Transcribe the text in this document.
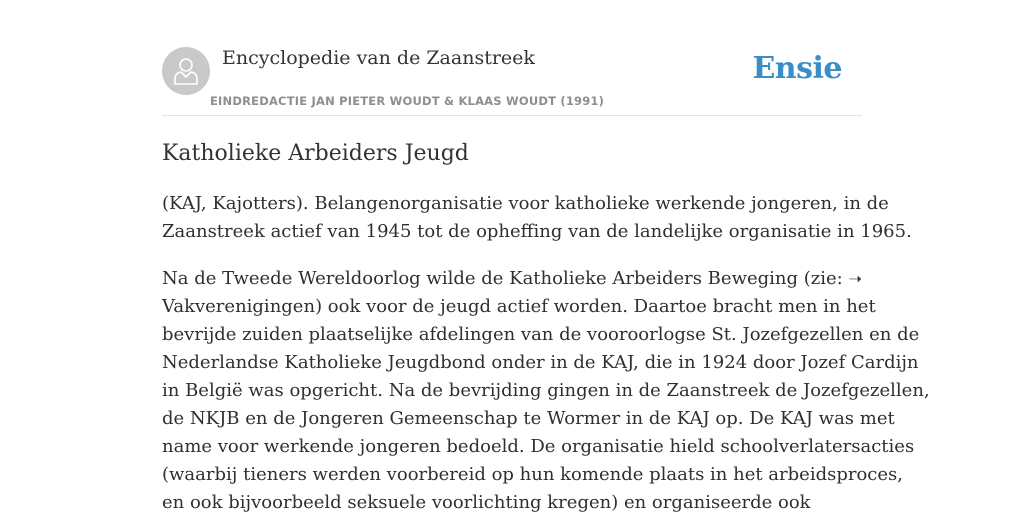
Encyclopedie van de Zaanstreek
EINDREDACTIE JAN PIETER WOUDT & KLAAS WOUDT (1991)
Ensie
Katholieke Arbeiders Jeugd

(KAJ, Kajotters). Belangenorganisatie voor katholieke werkende jongeren, in de
Zaanstreek actief van 1945 tot de opheffing van de landelijke organisatie in 1965.

Na de Tweede Wereldoorlog wilde de Katholieke Arbeiders Beweging (zie: ➝
Vakverenigingen) ook voor de jeugd actief worden. Daartoe bracht men in het
bevrijde zuiden plaatselijke afdelingen van de vooroorlogse St. Jozefgezellen en de
Nederlandse Katholieke Jeugdbond onder in de KAJ, die in 1924 door Jozef Cardijn
in België was opgericht. Na de bevrijding gingen in de Zaanstreek de Jozefgezellen,
de NKJB en de Jongeren Gemeenschap te Wormer in de KAJ op. De KAJ was met
name voor werkende jongeren bedoeld. De organisatie hield schoolverlatersacties
(waarbij tieners werden voorbereid op hun komende plaats in het arbeidsproces,
en ook bijvoorbeeld seksuele voorlichting kregen) en organiseerde ook
